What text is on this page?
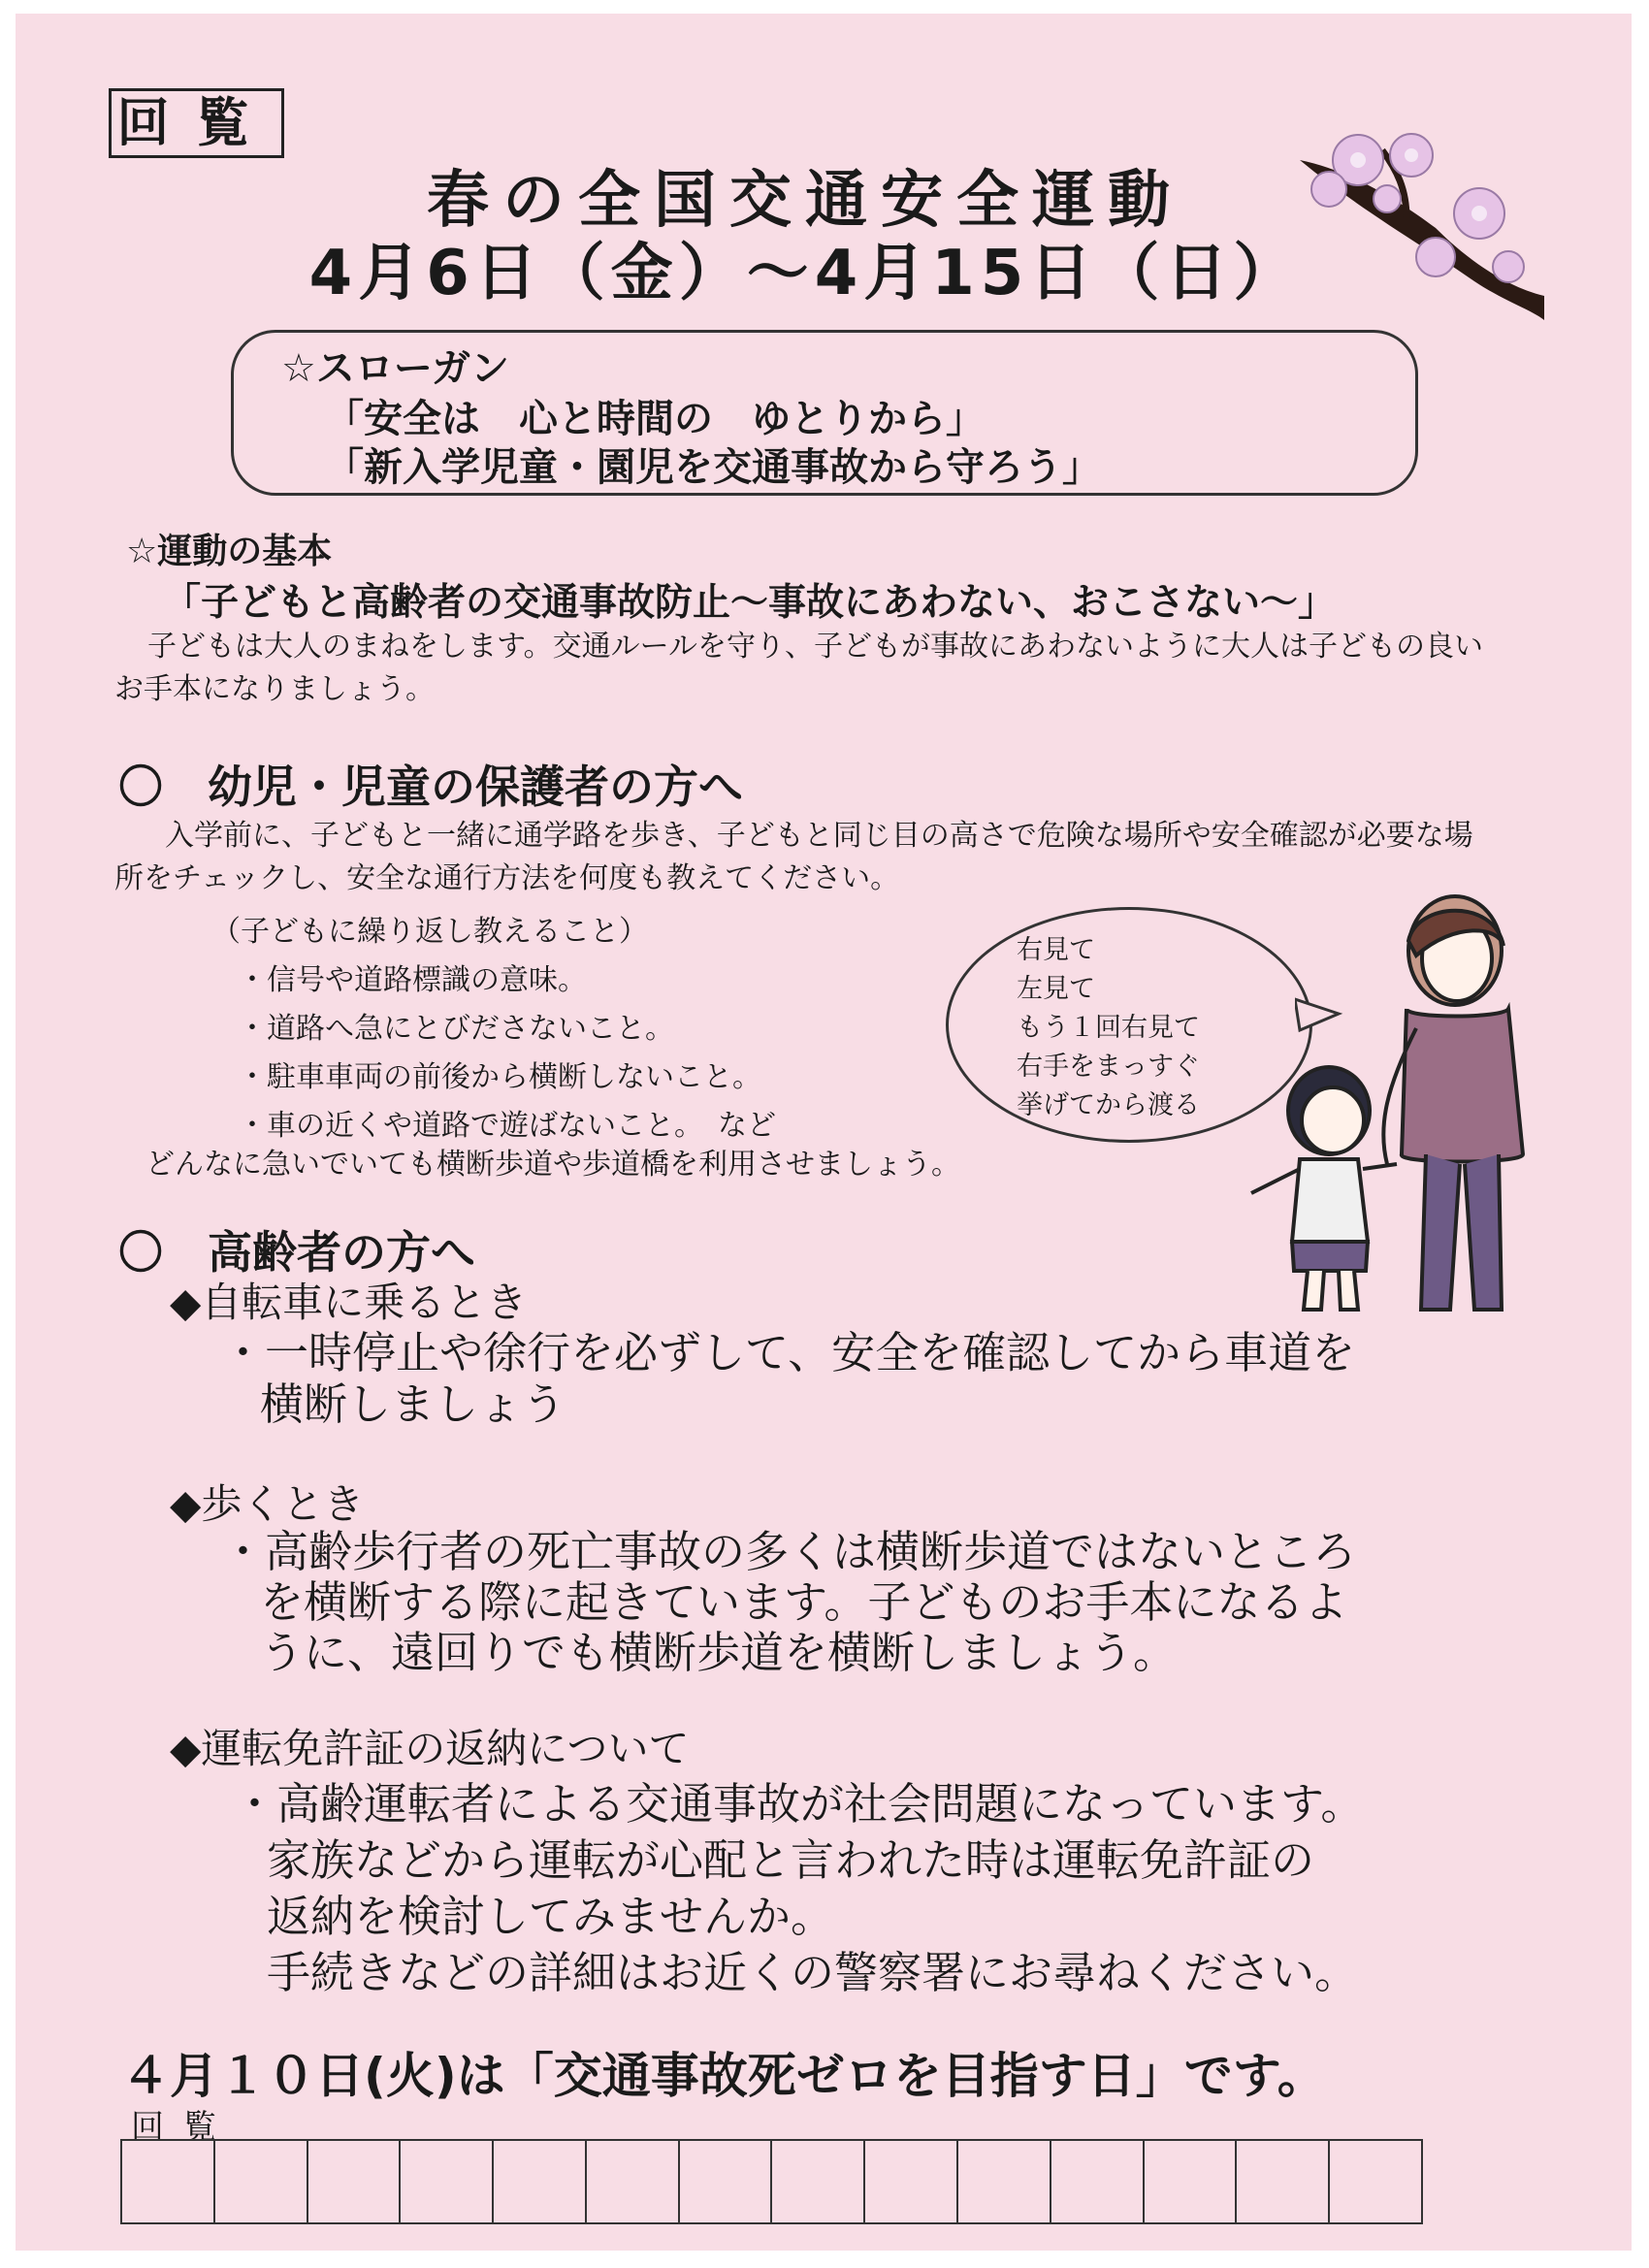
回覧
春の全国交通安全運動
4月6日（金）～4月15日（日）
☆スローガン
「安全は　心と時間の　ゆとりから」
「新入学児童・園児を交通事故から守ろう」
☆運動の基本
「子どもと高齢者の交通事故防止～事故にあわない、おこさない～」
子どもは大人のまねをします。交通ルールを守り、子どもが事故にあわないように大人は子どもの良いお手本になりましょう。
〇　幼児・児童の保護者の方へ
入学前に、子どもと一緒に通学路を歩き、子どもと同じ目の高さで危険な場所や安全確認が必要な場所をチェックし、安全な通行方法を何度も教えてください。
（子どもに繰り返し教えること）
・信号や道路標識の意味。
・道路へ急にとびださないこと。
・駐車車両の前後から横断しないこと。
・車の近くや道路で遊ばないこと。　など
どんなに急いでいても横断歩道や歩道橋を利用させましょう。
右見て
左見て
もう１回右見て
右手をまっすぐ
挙げてから渡る
〇　高齢者の方へ
◆自転車に乗るとき
・一時停止や徐行を必ずして、安全を確認してから車道を
横断しましょう
◆歩くとき
・高齢歩行者の死亡事故の多くは横断歩道ではないところ
を横断する際に起きています。子どものお手本になるよ
うに、遠回りでも横断歩道を横断しましょう。
◆運転免許証の返納について
・高齢運転者による交通事故が社会問題になっています。
家族などから運転が心配と言われた時は運転免許証の
返納を検討してみませんか。
手続きなどの詳細はお近くの警察署にお尋ねください。
４月１０日(火)は「交通事故死ゼロを目指す日」です。
回覧
